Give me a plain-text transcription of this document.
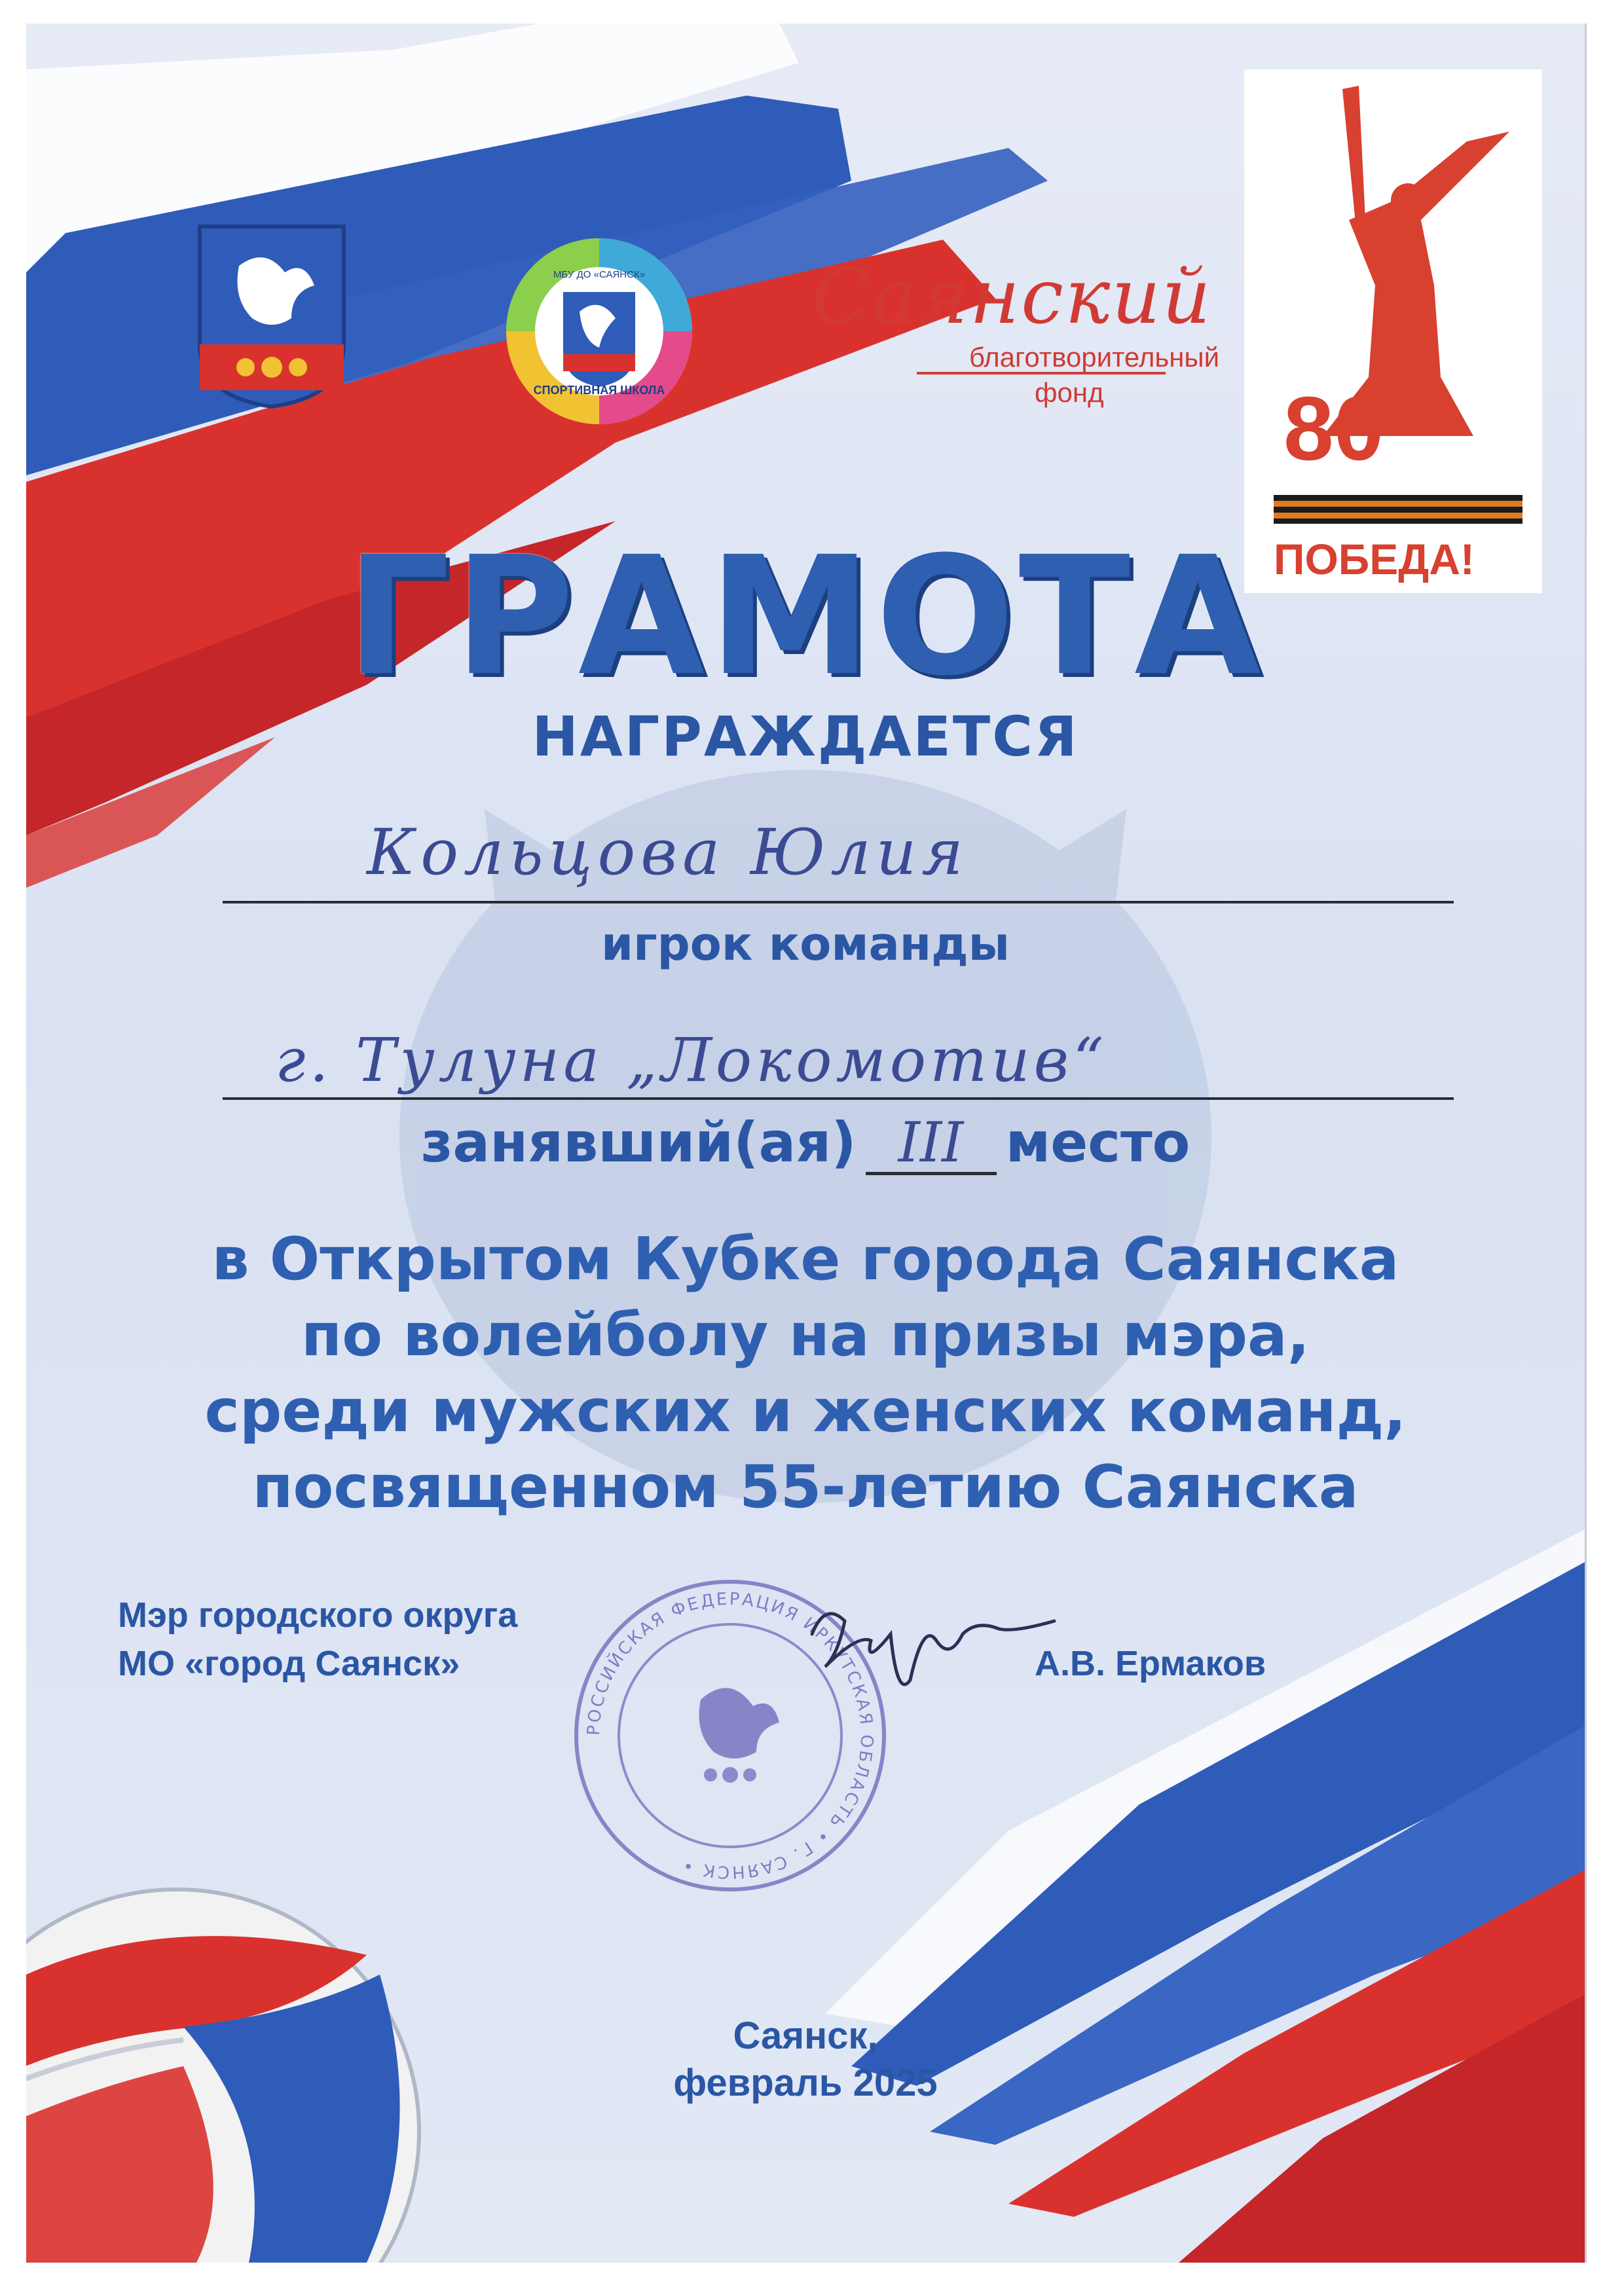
МБУ ДО «САЯНСК»
СПОРТИВНАЯ ШКОЛА
Саянский
благотворительный
фонд 80
ПОБЕДА!
ГРАМОТА
НАГРАЖДАЕТСЯ
Кольцова Юлия
игрок команды
г. Тулуна „Локомотив“
занявший(ая) III место
в Открытом Кубке города Саянска
по волейболу на призы мэра,
среди мужских и женских команд,
посвященном 55-летию Саянска
Мэр городского округа
МО «город Саянск»	А.В. Ермаков
РОССИЙСКАЯ ФЕДЕРАЦИЯ ИРКУТСКАЯ ОБЛАСТЬ • Г. САЯНСК •
Саянск,
февраль 2025
